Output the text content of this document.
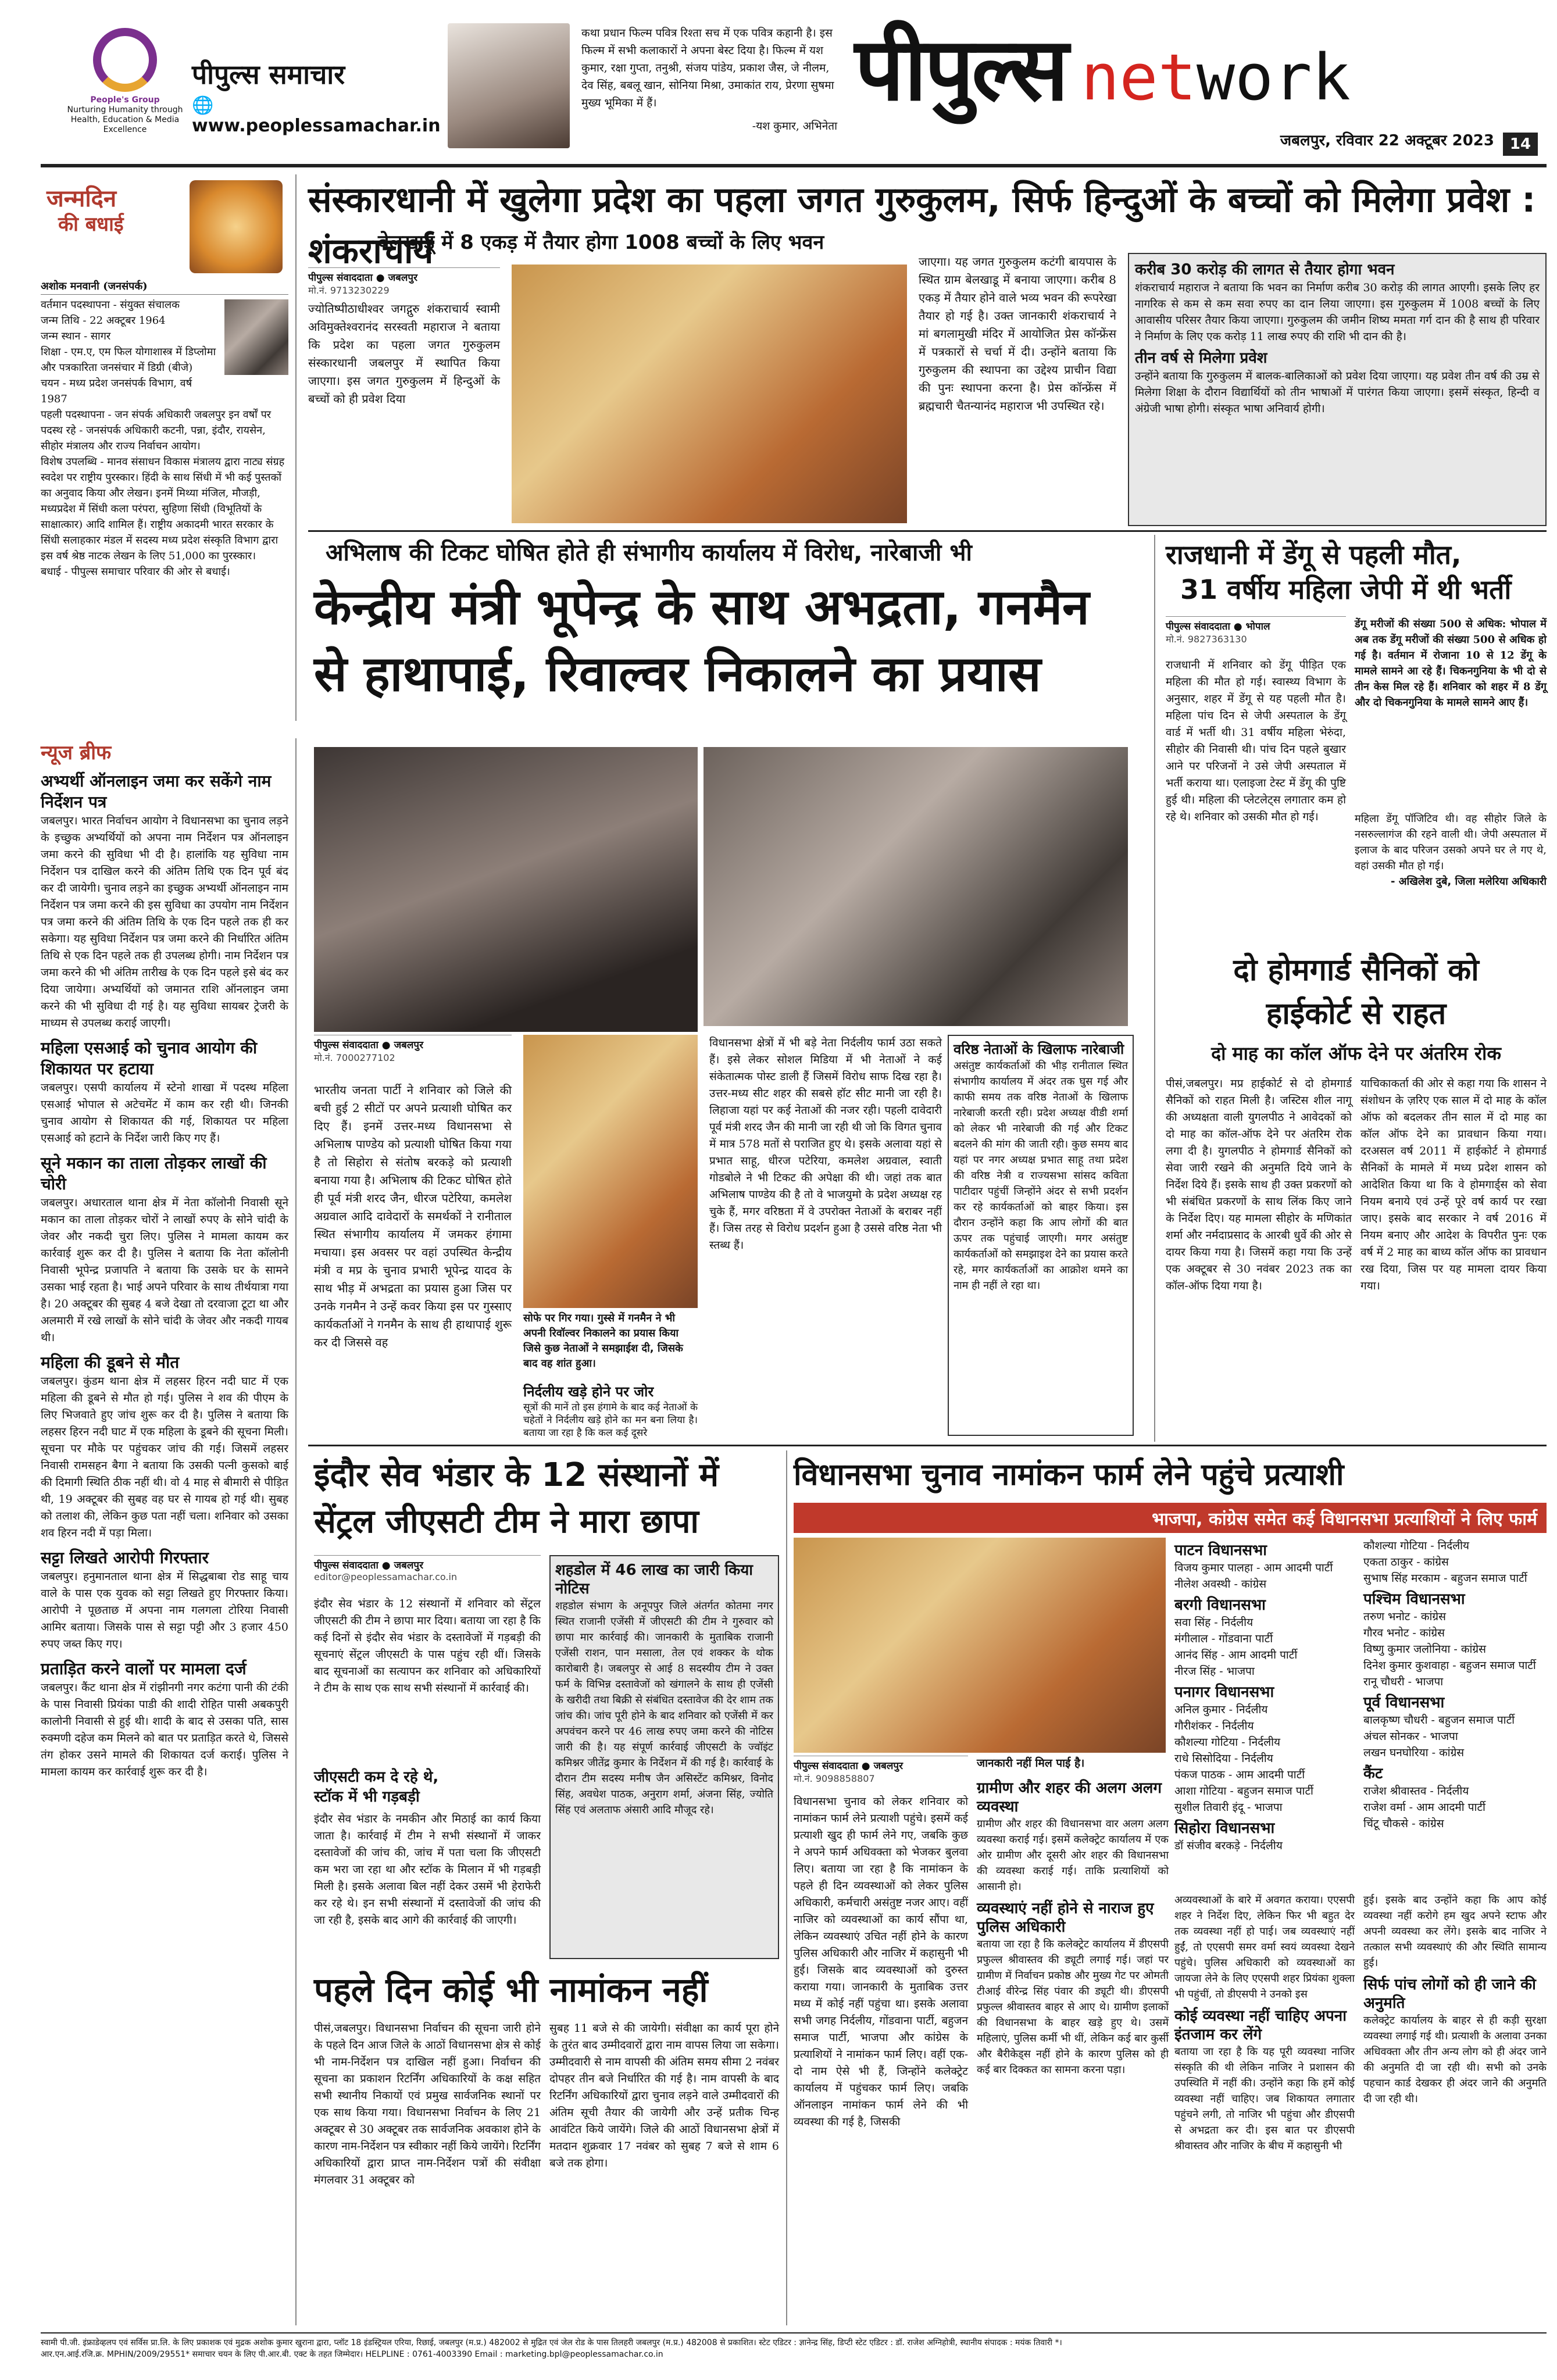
People's Group
Nurturing Humanity through Health, Education & Media Excellence
पीपुल्स समाचार
🌐 www.peoplessamachar.in
कथा प्रधान फिल्म पवित्र रिश्ता सच में एक पवित्र कहानी है। इस फिल्म में सभी कलाकारों ने अपना बेस्ट दिया है। फिल्म में यश कुमार, रक्षा गुप्ता, तनुश्री, संजय पांडेय, प्रकाश जैस, जे नीलम, देव सिंह, बबलू खान, सोनिया मिश्रा, उमाकांत राय, प्रेरणा सुषमा मुख्य भूमिका में हैं।
-यश कुमार, अभिनेता
पीपुल्स network
जबलपुर, रविवार 22 अक्टूबर 2023	14
जन्मदिन
की बधाई
अशोक मनवानी (जनसंपर्क)
वर्तमान पदस्थापना - संयुक्त संचालक
जन्म तिथि - 22 अक्टूबर 1964
जन्म स्थान - सागर
शिक्षा - एम.ए, एम फिल योगाशास्त्र में डिप्लोमा और पत्रकारिता जनसंचार में डिग्री (बीजे)
चयन - मध्य प्रदेश जनसंपर्क विभाग, वर्ष 1987
पहली पदस्थापना - जन संपर्क अधिकारी जबलपुर इन वर्षों पर पदस्थ रहे - जनसंपर्क अधिकारी कटनी, पन्ना, इंदौर, रायसेन, सीहोर मंत्रालय और राज्य निर्वाचन आयोग।
विशेष उपलब्धि - मानव संसाधन विकास मंत्रालय द्वारा नाट्य संग्रह स्वदेश पर राष्ट्रीय पुरस्कार। हिंदी के साथ सिंधी में भी कई पुस्तकों का अनुवाद किया और लेखन। इनमें मिथ्या मंजिल, मौजड़ी, मध्यप्रदेश में सिंधी कला परंपरा, सुहिणा सिंधी (विभूतियों के साक्षात्कार) आदि शामिल हैं। राष्ट्रीय अकादमी भारत सरकार के सिंधी सलाहकार मंडल में सदस्य मध्य प्रदेश संस्कृति विभाग द्वारा इस वर्ष श्रेष्ठ नाटक लेखन के लिए 51,000 का पुरस्कार।
बधाई - पीपुल्स समाचार परिवार की ओर से बधाई।
न्यूज ब्रीफ
अभ्यर्थी ऑनलाइन जमा कर सकेंगे नाम निर्देशन पत्र
जबलपुर। भारत निर्वाचन आयोग ने विधानसभा का चुनाव लड़ने के इच्छुक अभ्यर्थियों को अपना नाम निर्देशन पत्र ऑनलाइन जमा करने की सुविधा भी दी है। हालांकि यह सुविधा नाम निर्देशन पत्र दाखिल करने की अंतिम तिथि एक दिन पूर्व बंद कर दी जायेगी। चुनाव लड़ने का इच्छुक अभ्यर्थी ऑनलाइन नाम निर्देशन पत्र जमा करने की इस सुविधा का उपयोग नाम निर्देशन पत्र जमा करने की अंतिम तिथि के एक दिन पहले तक ही कर सकेगा। यह सुविधा निर्देशन पत्र जमा करने की निर्धारित अंतिम तिथि से एक दिन पहले तक ही उपलब्ध होगी। नाम निर्देशन पत्र जमा करने की भी अंतिम तारीख के एक दिन पहले इसे बंद कर दिया जायेगा। अभ्यर्थियों को जमानत राशि ऑनलाइन जमा करने की भी सुविधा दी गई है। यह सुविधा सायबर ट्रेजरी के माध्यम से उपलब्ध कराई जाएगी।
महिला एसआई को चुनाव आयोग की शिकायत पर हटाया
जबलपुर। एसपी कार्यालय में स्टेनो शाखा में पदस्थ महिला एसआई भोपाल से अटेचमेंट में काम कर रही थी। जिनकी चुनाव आयोग से शिकायत की गई, शिकायत पर महिला एसआई को हटाने के निर्देश जारी किए गए हैं।
सूने मकान का ताला तोड़कर लाखों की चोरी
जबलपुर। अधारताल थाना क्षेत्र में नेता कॉलोनी निवासी सूने मकान का ताला तोड़कर चोरों ने लाखों रुपए के सोने चांदी के जेवर और नकदी चुरा लिए। पुलिस ने मामला कायम कर कार्रवाई शुरू कर दी है। पुलिस ने बताया कि नेता कॉलोनी निवासी भूपेन्द्र प्रजापति ने बताया कि उसके घर के सामने उसका भाई रहता है। भाई अपने परिवार के साथ तीर्थयात्रा गया है। 20 अक्टूबर की सुबह 4 बजे देखा तो दरवाजा टूटा था और अलमारी में रखे लाखों के सोने चांदी के जेवर और नकदी गायब थी।
महिला की डूबने से मौत
जबलपुर। कुंडम थाना क्षेत्र में लहसर हिरन नदी घाट में एक महिला की डूबने से मौत हो गई। पुलिस ने शव की पीएम के लिए भिजवाते हुए जांच शुरू कर दी है। पुलिस ने बताया कि लहसर हिरन नदी घाट में एक महिला के डूबने की सूचना मिली। सूचना पर मौके पर पहुंचकर जांच की गई। जिसमें लहसर निवासी रामसहन बैगा ने बताया कि उसकी पत्नी कुसको बाई की दिमागी स्थिति ठीक नहीं थी। वो 4 माह से बीमारी से पीड़ित थी, 19 अक्टूबर की सुबह वह घर से गायब हो गई थी। सुबह को तलाश की, लेकिन कुछ पता नहीं चला। शनिवार को उसका शव हिरन नदी में पड़ा मिला।
सट्टा लिखते आरोपी गिरफ्तार
जबलपुर। हनुमानताल थाना क्षेत्र में सिद्धबाबा रोड साहू चाय वाले के पास एक युवक को सट्टा लिखते हुए गिरफ्तार किया। आरोपी ने पूछताछ में अपना नाम गलगला टोरिया निवासी आमिर बताया। जिसके पास से सट्टा पट्टी और 3 हजार 450 रुपए जब्त किए गए।
प्रताड़ित करने वालों पर मामला दर्ज
जबलपुर। कैंट थाना क्षेत्र में रांझीनगी नगर कटंगा पानी की टंकी के पास निवासी प्रियंका पाडी की शादी रोहित पासी अबकपुरी कालोनी निवासी से हुई थी। शादी के बाद से उसका पति, सास रुक्मणी दहेज कम मिलने को बात पर प्रताड़ित करते थे, जिससे तंग होकर उसने मामले की शिकायत दर्ज कराई। पुलिस ने मामला कायम कर कार्रवाई शुरू कर दी है।
संस्कारधानी में खुलेगा प्रदेश का पहला जगत गुरुकुलम, सिर्फ हिन्दुओं के बच्चों को मिलेगा प्रवेश : शंकराचार्य
बेलखाडू में 8 एकड़ में तैयार होगा 1008 बच्चों के लिए भवन
पीपुल्स संवाददाता ● जबलपुर
मो.नं. 9713230229
ज्योतिष्पीठाधीश्वर जगद्गुरु शंकराचार्य स्वामी अविमुक्तेश्वरानंद सरस्वती महाराज ने बताया कि प्रदेश का पहला जगत गुरुकुलम संस्कारधानी जबलपुर में स्थापित किया जाएगा। इस जगत गुरुकुलम में हिन्दुओं के बच्चों को ही प्रवेश दिया
जाएगा। यह जगत गुरुकुलम कटंगी बायपास के स्थित ग्राम बेलखाडू में बनाया जाएगा। करीब 8 एकड़ में तैयार होने वाले भव्य भवन की रूपरेखा तैयार हो गई है। उक्त जानकारी शंकराचार्य ने मां बगलामुखी मंदिर में आयोजित प्रेस कॉन्फ्रेंस में पत्रकारों से चर्चा में दी। उन्होंने बताया कि गुरुकुलम की स्थापना का उद्देश्य प्राचीन विद्या की पुनः स्थापना करना है। प्रेस कॉन्फ्रेंस में ब्रह्मचारी चैतन्यानंद महाराज भी उपस्थित रहे।
करीब 30 करोड़ की लागत से तैयार होगा भवन
शंकराचार्य महाराज ने बताया कि भवन का निर्माण करीब 30 करोड़ की लागत आएगी। इसके लिए हर नागरिक से कम से कम सवा रुपए का दान लिया जाएगा। इस गुरुकुलम में 1008 बच्चों के लिए आवासीय परिसर तैयार किया जाएगा। गुरुकुलम की जमीन शिष्य ममता गर्ग दान की है साथ ही परिवार ने निर्माण के लिए एक करोड़ 11 लाख रुपए की राशि भी दान की है।
तीन वर्ष से मिलेगा प्रवेश
उन्होंने बताया कि गुरुकुलम में बालक-बालिकाओं को प्रवेश दिया जाएगा। यह प्रवेश तीन वर्ष की उम्र से मिलेगा शिक्षा के दौरान विद्यार्थियों को तीन भाषाओं में पारंगत किया जाएगा। इसमें संस्कृत, हिन्दी व अंग्रेजी भाषा होगी। संस्कृत भाषा अनिवार्य होगी।
अभिलाष की टिकट घोषित होते ही संभागीय कार्यालय में विरोध, नारेबाजी भी
केन्द्रीय मंत्री भूपेन्द्र के साथ अभद्रता, गनमैन
से हाथापाई, रिवाल्वर निकालने का प्रयास
पीपुल्स संवाददाता ● जबलपुर
मो.नं. 7000277102
भारतीय जनता पार्टी ने शनिवार को जिले की बची हुई 2 सीटों पर अपने प्रत्याशी घोषित कर दिए हैं। इनमें उत्तर-मध्य विधानसभा से अभिलाष पाण्डेय को प्रत्याशी घोषित किया गया है तो सिहोरा से संतोष बरकड़े को प्रत्याशी बनाया गया है। अभिलाष की टिकट घोषित होते ही पूर्व मंत्री शरद जैन, धीरज पटेरिया, कमलेश अग्रवाल आदि दावेदारों के समर्थकों ने रानीताल स्थित संभागीय कार्यालय में जमकर हंगामा मचाया। इस अवसर पर वहां उपस्थित केन्द्रीय मंत्री व मप्र के चुनाव प्रभारी भूपेन्द्र यादव के साथ भीड़ में अभद्रता का प्रयास हुआ जिस पर उनके गनमैन ने उन्हें कवर किया इस पर गुस्साए कार्यकर्ताओं ने गनमैन के साथ ही हाथापाई शुरू कर दी जिससे वह
सोफे पर गिर गया। गुस्से में गनमैन ने भी अपनी रिवॉल्वर निकालने का प्रयास किया जिसे कुछ नेताओं ने समझाईश दी, जिसके बाद वह शांत हुआ।
विधानसभा क्षेत्रों में भी बड़े नेता निर्दलीय फार्म उठा सकते हैं। इसे लेकर सोशल मिडिया में भी नेताओं ने कई संकेतात्मक पोस्ट डाली हैं जिसमें विरोध साफ दिख रहा है। उत्तर-मध्य सीट शहर की सबसे हॉट सीट मानी जा रही है। लिहाजा यहां पर कई नेताओं की नजर रही। पहली दावेदारी पूर्व मंत्री शरद जैन की मानी जा रही थी जो कि विगत चुनाव में मात्र 578 मतों से पराजित हुए थे। इसके अलावा यहां से प्रभात साहू, धीरज पटेरिया, कमलेश अग्रवाल, स्वाती गोडबोले ने भी टिकट की अपेक्षा की थी। जहां तक बात अभिलाष पाण्डेय की है तो वे भाजयुमो के प्रदेश अध्यक्ष रह चुके हैं, मगर वरिष्ठता में वे उपरोक्त नेताओं के बराबर नहीं हैं। जिस तरह से विरोध प्रदर्शन हुआ है उससे वरिष्ठ नेता भी स्तब्ध हैं।
निर्दलीय खड़े होने पर जोर
वरिष्ठ नेताओं के खिलाफ नारेबाजी
असंतुष्ट कार्यकर्ताओं की भीड़ रानीताल स्थित संभागीय कार्यालय में अंदर तक घुस गई और काफी समय तक वरिष्ठ नेताओं के खिलाफ नारेबाजी करती रही। प्रदेश अध्यक्ष वीडी शर्मा को लेकर भी नारेबाजी की गई और टिकट बदलने की मांग की जाती रही। कुछ समय बाद यहां पर नगर अध्यक्ष प्रभात साहू तथा प्रदेश की वरिष्ठ नेत्री व राज्यसभा सांसद कविता पाटीदार पहुंचीं जिन्होंने अंदर से सभी प्रदर्शन कर रहे कार्यकर्ताओं को बाहर किया। इस दौरान उन्होंने कहा कि आप लोगों की बात ऊपर तक पहुंचाई जाएगी। मगर असंतुष्ट कार्यकर्ताओं को समझाइश देने का प्रयास करते रहे, मगर कार्यकर्ताओं का आक्रोश थमने का नाम ही नहीं ले रहा था।
सूत्रों की मानें तो इस हंगामे के बाद कई नेताओं के चहेतों ने निर्दलीय खड़े होने का मन बना लिया है। बताया जा रहा है कि कल कई दूसरे
राजधानी में डेंगू से पहली मौत,
31 वर्षीय महिला जेपी में थी भर्ती
पीपुल्स संवाददाता ● भोपाल
मो.नं. 9827363130
राजधानी में शनिवार को डेंगू पीड़ित एक महिला की मौत हो गई। स्वास्थ्य विभाग के अनुसार, शहर में डेंगू से यह पहली मौत है। महिला पांच दिन से जेपी अस्पताल के डेंगू वार्ड में भर्ती थी। 31 वर्षीय महिला भेरुंदा, सीहोर की निवासी थी। पांच दिन पहले बुखार आने पर परिजनों ने उसे जेपी अस्पताल में भर्ती कराया था। एलाइजा टेस्ट में डेंगू की पुष्टि हुई थी। महिला की प्लेटलेट्स लगातार कम हो रहे थे। शनिवार को उसकी मौत हो गई।
डेंगू मरीजों की संख्या 500 से अधिक: भोपाल में अब तक डेंगू मरीजों की संख्या 500 से अधिक हो गई है। वर्तमान में रोजाना 10 से 12 डेंगू के मामले सामने आ रहे हैं। चिकनगुनिया के भी दो से तीन केस मिल रहे हैं। शनिवार को शहर में 8 डेंगू और दो चिकनगुनिया के मामले सामने आए हैं।
महिला डेंगू पॉजिटिव थी। वह सीहोर जिले के नसरुल्लागंज की रहने वाली थी। जेपी अस्पताल में इलाज के बाद परिजन उसको अपने घर ले गए थे, वहां उसकी मौत हो गई।
- अखिलेश दुबे, जिला मलेरिया अधिकारी
दो होमगार्ड सैनिकों को
हाईकोर्ट से राहत
दो माह का कॉल ऑफ देने पर अंतरिम रोक
पीसं,जबलपुर। मप्र हाईकोर्ट से दो होमगार्ड सैनिकों को राहत मिली है। जस्टिस शील नागू की अध्यक्षता वाली युगलपीठ ने आवेदकों को दो माह का कॉल-ऑफ देने पर अंतरिम रोक लगा दी है। युगलपीठ ने होमगार्ड सैनिकों को सेवा जारी रखने की अनुमति दिये जाने के निर्देश दिये हैं। इसके साथ ही उक्त प्रकरणों को भी संबंधित प्रकरणों के साथ लिंक किए जाने के निर्देश दिए। यह मामला सीहोर के मणिकांत शर्मा और नर्मदाप्रसाद के आरबी धुर्वे की ओर से दायर किया गया है। जिसमें कहा गया कि उन्हें एक अक्टूबर से 30 नवंबर 2023 तक का कॉल-ऑफ दिया गया है।
याचिकाकर्ता की ओर से कहा गया कि शासन ने संशोधन के ज़रिए एक साल में दो माह के कॉल ऑफ को बदलकर तीन साल में दो माह का कॉल ऑफ देने का प्रावधान किया गया। दरअसल वर्ष 2011 में हाईकोर्ट ने होमगार्ड सैनिकों के मामले में मध्य प्रदेश शासन को आदेशित किया था कि वे होमगार्ड्स को सेवा नियम बनाये एवं उन्हें पूरे वर्ष कार्य पर रखा जाए। इसके बाद सरकार ने वर्ष 2016 में नियम बनाए और आदेश के विपरीत पुनः एक वर्ष में 2 माह का बाध्य कॉल ऑफ का प्रावधान रख दिया, जिस पर यह मामला दायर किया गया।
इंदौर सेव भंडार के 12 संस्थानों में
सेंट्रल जीएसटी टीम ने मारा छापा
पीपुल्स संवाददाता ● जबलपुर
editor@peoplessamachar.co.in
इंदौर सेव भंडार के 12 संस्थानों में शनिवार को सेंट्रल जीएसटी की टीम ने छापा मार दिया। बताया जा रहा है कि कई दिनों से इंदौर सेव भंडार के दस्तावेजों में गड़बड़ी की सूचनाएं सेंट्रल जीएसटी के पास पहुंच रही थीं। जिसके बाद सूचनाओं का सत्यापन कर शनिवार को अधिकारियों ने टीम के साथ एक साथ सभी संस्थानों में कार्रवाई की।
जीएसटी कम दे रहे थे,
स्टॉक में भी गड़बड़ी
इंदौर सेव भंडार के नमकीन और मिठाई का कार्य किया जाता है। कार्रवाई में टीम ने सभी संस्थानों में जाकर दस्तावेजों की जांच की, जांच में पता चला कि जीएसटी कम भरा जा रहा था और स्टॉक के मिलान में भी गड़बड़ी मिली है। इसके अलावा बिल नहीं देकर उसमें भी हेराफेरी कर रहे थे। इन सभी संस्थानों में दस्तावेजों की जांच की जा रही है, इसके बाद आगे की कार्रवाई की जाएगी।
शहडोल में 46 लाख का जारी किया नोटिस
शहडोल संभाग के अनूपपुर जिले अंतर्गत कोतमा नगर स्थित राजानी एजेंसी में जीएसटी की टीम ने गुरुवार को छापा मार कार्रवाई की। जानकारी के मुताबिक राजानी एजेंसी राशन, पान मसाला, तेल एवं शक्कर के थोक कारोबारी है। जबलपुर से आई 8 सदस्यीय टीम ने उक्त फर्म के विभिन्न दस्तावेजों को खंगालने के साथ ही एजेंसी के खरीदी तथा बिक्री से संबंधित दस्तावेज की देर शाम तक जांच की। जांच पूरी होने के बाद शनिवार को एजेंसी में कर अपवंचन करने पर 46 लाख रुपए जमा करने की नोटिस जारी की है। यह संपूर्ण कार्रवाई जीएसटी के ज्वॉइंट कमिश्नर जीतेंद्र कुमार के निर्देशन में की गई है। कार्रवाई के दौरान टीम सदस्य मनीष जैन असिस्टेंट कमिश्नर, विनोद सिंह, अवधेश पाठक, अनुराग शर्मा, अंजना सिंह, ज्योति सिंह एवं अलताफ अंसारी आदि मौजूद रहे।
पहले दिन कोई भी नामांकन नहीं
पीसं,जबलपुर। विधानसभा निर्वाचन की सूचना जारी होने के पहले दिन आज जिले के आठों विधानसभा क्षेत्र से कोई भी नाम-निर्देशन पत्र दाखिल नहीं हुआ। निर्वाचन की सूचना का प्रकाशन रिटर्निंग अधिकारियों के कक्ष सहित सभी स्थानीय निकायों एवं प्रमुख सार्वजनिक स्थानों पर एक साथ किया गया। विधानसभा निर्वाचन के लिए 21 अक्टूबर से 30 अक्टूबर तक सार्वजनिक अवकाश होने के कारण नाम-निर्देशन पत्र स्वीकार नहीं किये जायेंगे। रिटर्निंग अधिकारियों द्वारा प्राप्त नाम-निर्देशन पत्रों की संवीक्षा मंगलवार 31 अक्टूबर को
सुबह 11 बजे से की जायेगी। संवीक्षा का कार्य पूरा होने के तुरंत बाद उम्मीदवारों द्वारा नाम वापस लिया जा सकेगा। उम्मीदवारी से नाम वापसी की अंतिम समय सीमा 2 नवंबर दोपहर तीन बजे निर्धारित की गई है। नाम वापसी के बाद रिटर्निंग अधिकारियों द्वारा चुनाव लड़ने वाले उम्मीदवारों की अंतिम सूची तैयार की जायेगी और उन्हें प्रतीक चिन्ह आवंटित किये जायेंगे। जिले की आठों विधानसभा क्षेत्रों में मतदान शुक्रवार 17 नवंबर को सुबह 7 बजे से शाम 6 बजे तक होगा।
विधानसभा चुनाव नामांकन फार्म लेने पहुंचे प्रत्याशी
भाजपा, कांग्रेस समेत कई विधानसभा प्रत्याशियों ने लिए फार्म
पीपुल्स संवाददाता ● जबलपुर
मो.नं. 9098858807
जानकारी नहीं मिल पाई है।
विधानसभा चुनाव को लेकर शनिवार को नामांकन फार्म लेने प्रत्याशी पहुंचे। इसमें कई प्रत्याशी खुद ही फार्म लेने गए, जबकि कुछ ने अपने फार्म अधिवक्ता को भेजकर बुलवा लिए। बताया जा रहा है कि नामांकन के पहले ही दिन व्यवस्थाओं को लेकर पुलिस अधिकारी, कर्मचारी असंतुष्ट नजर आए। वहीं नाजिर को व्यवस्थाओं का कार्य सौंपा था, लेकिन व्यवस्थाएं उचित नहीं होने के कारण पुलिस अधिकारी और नाजिर में कहासुनी भी हुई। जिसके बाद व्यवस्थाओं को दुरुस्त कराया गया। जानकारी के मुताबिक उत्तर मध्य में कोई नहीं पहुंचा था। इसके अलावा सभी जगह निर्दलीय, गोंडवाना पार्टी, बहुजन समाज पार्टी, भाजपा और कांग्रेस के प्रत्याशियों ने नामांकन फार्म लिए। वहीं एक-दो नाम ऐसे भी हैं, जिन्होंने कलेक्ट्रेट कार्यालय में पहुंचकर फार्म लिए। जबकि ऑनलाइन नामांकन फार्म लेने की भी व्यवस्था की गई है, जिसकी
ग्रामीण और शहर की अलग अलग व्यवस्था
ग्रामीण और शहर की विधानसभा वार अलग अलग व्यवस्था कराई गई। इसमें कलेक्ट्रेट कार्यालय में एक ओर ग्रामीण और दूसरी ओर शहर की विधानसभा की व्यवस्था कराई गई। ताकि प्रत्याशियों को आसानी हो।
व्यवस्थाएं नहीं होने से नाराज हुए पुलिस अधिकारी
बताया जा रहा है कि कलेक्ट्रेट कार्यालय में डीएसपी प्रफुल्ल श्रीवास्तव की ड्यूटी लगाई गई। जहां पर ग्रामीण में निर्वाचन प्रकोष्ठ और मुख्य गेट पर ओमती टीआई वीरेन्द्र सिंह पंवार की ड्यूटी थी। डीएसपी प्रफुल्ल श्रीवास्तव बाहर से आए थे। ग्रामीण इलाकों की विधानसभा के बाहर खड़े हुए थे। उसमें महिलाएं, पुलिस कर्मी भी थीं, लेकिन कई बार कुर्सी और बैरीकेड्स नहीं होने के कारण पुलिस को ही कई बार दिक्कत का सामना करना पड़ा।
पाटन विधानसभा
विजय कुमार पालहा - आम आदमी पार्टी
नीलेश अवस्थी - कांग्रेस
बरगी विधानसभा
सवा सिंह - निर्दलीय
मंगीलाल - गोंडवाना पार्टी
आनंद सिंह - आम आदमी पार्टी
नीरज सिंह - भाजपा
पनागर विधानसभा
अनिल कुमार - निर्दलीय
गौरीशंकर - निर्दलीय
कौशल्या गोटिया - निर्दलीय
राधे सिसोदिया - निर्दलीय
पंकज पाठक - आम आदमी पार्टी
आशा गोटिया - बहुजन समाज पार्टी
सुशील तिवारी इंदू - भाजपा
सिहोरा विधानसभा
डॉ संजीव बरकड़े - निर्दलीय
कौशल्या गोटिया - निर्दलीय
एकता ठाकुर - कांग्रेस
सुभाष सिंह मरकाम - बहुजन समाज पार्टी
पश्चिम विधानसभा
तरुण भनोट - कांग्रेस
गौरव भनोट - कांग्रेस
विष्णु कुमार जलोनिया - कांग्रेस
दिनेश कुमार कुशवाहा - बहुजन समाज पार्टी
रानू चौधरी - भाजपा
पूर्व विधानसभा
बालकृष्ण चौधरी - बहुजन समाज पार्टी
अंचल सोनकर - भाजपा
लखन घनघोरिया - कांग्रेस
कैंट
राजेश श्रीवास्तव - निर्दलीय
राजेश वर्मा - आम आदमी पार्टी
चिंटू चौकसे - कांग्रेस
अव्यवस्थाओं के बारे में अवगत कराया। एएसपी शहर ने निर्देश दिए, लेकिन फिर भी बहुत देर तक व्यवस्था नहीं हो पाई। जब व्यवस्थाएं नहीं हुईं, तो एएसपी समर वर्मा स्वयं व्यवस्था देखने पहुंचे। पुलिस अधिकारी को व्यवस्थाओं का जायजा लेने के लिए एएसपी शहर प्रियंका शुक्ला भी पहुंचीं, तो डीएसपी ने उनको इस
कोई व्यवस्था नहीं चाहिए अपना इंतजाम कर लेंगे
बताया जा रहा है कि यह पूरी व्यवस्था नाजिर संस्कृति की थी लेकिन नाजिर ने प्रशासन की उपस्थिति में नहीं की। उन्होंने कहा कि हमें कोई व्यवस्था नहीं चाहिए। जब शिकायत लगातार पहुंचने लगी, तो नाजिर भी पहुंचा और डीएसपी से अभद्रता कर दी। इस बात पर डीएसपी श्रीवास्तव और नाजिर के बीच में कहासुनी भी
हुई। इसके बाद उन्होंने कहा कि आप कोई व्यवस्था नहीं करोगे हम खुद अपने स्टाफ और अपनी व्यवस्था कर लेंगे। इसके बाद नाजिर ने तत्काल सभी व्यवस्थाएं की और स्थिति सामान्य हुई।
सिर्फ पांच लोगों को ही जाने की अनुमति
कलेक्ट्रेट कार्यालय के बाहर से ही कड़ी सुरक्षा व्यवस्था लगाई गई थी। प्रत्याशी के अलावा उनका अधिवक्ता और तीन अन्य लोग को ही अंदर जाने की अनुमति दी जा रही थी। सभी को उनके पहचान कार्ड देखकर ही अंदर जाने की अनुमति दी जा रही थी।
स्वामी पी.जी. इंफ्राडेव्हलप एवं सर्विस प्रा.लि. के लिए प्रकाशक एवं मुद्रक अशोक कुमार खुराना द्वारा, प्लॉट 18 इंडस्ट्रियल एरिया, रिछाई, जबलपुर (म.प्र.) 482002 से मुद्रित एवं जेल रोड के पास तिलहरी जबलपुर (म.प्र.) 482008 से प्रकाशित। स्टेट एडिटर : ज्ञानेन्द्र सिंह, डिप्टी स्टेट एडिटर : डॉ. राजेश अग्निहोत्री, स्थानीय संपादक : मयंक तिवारी *।
आर.एन.आई.रजि.क्र. MPHIN/2009/29551* समाचार चयन के लिए पी.आर.बी. एक्ट के तहत जिम्मेदार। HELPLINE : 0761-4003390 Email : marketing.bpl@peoplessamachar.co.in
